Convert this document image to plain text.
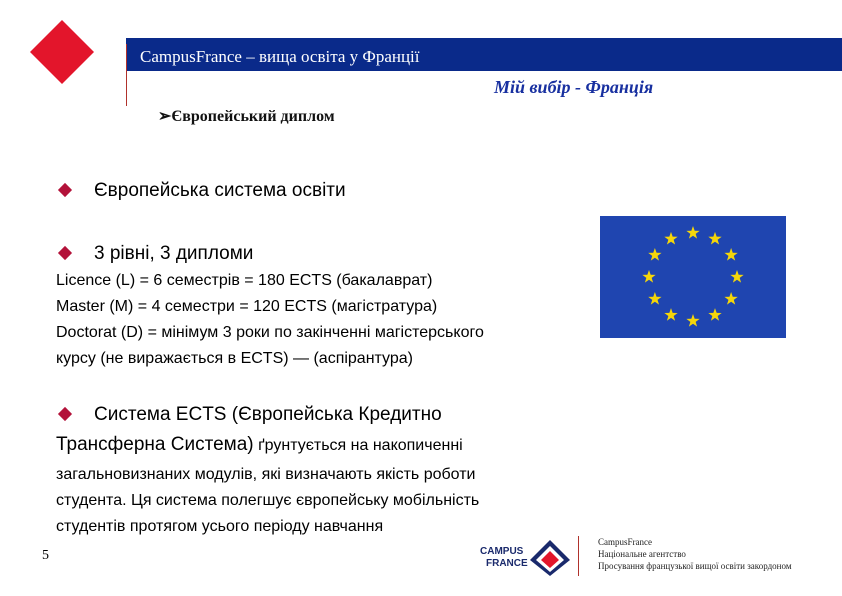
CampusFrance – вища освіта у Франції
Мій вибір - Франція
➢Європейський диплом
Європейська система освіти
3 рівні, 3 дипломи
Licence (L) = 6 семестрів = 180 ECTS (бакалаврат)
Master (M) = 4 семестри = 120 ECTS (магістратура)
Doctorat (D) = мінімум 3 роки по закінченні магістерського
курсу (не виражається в ECTS) — (аспірантура)
Система ECTS (Європейська Кредитно
Трансферна Система) ґрунтується на накопиченні
загальновизнаних модулів, які визначають якість роботи
студента. Ця система полегшує європейську мобільність
студентів протягом усього періоду навчання
5	CAMPUS
FRANCE
CampusFrance
Національне агентство
Просування французької вищої освіти закордоном
